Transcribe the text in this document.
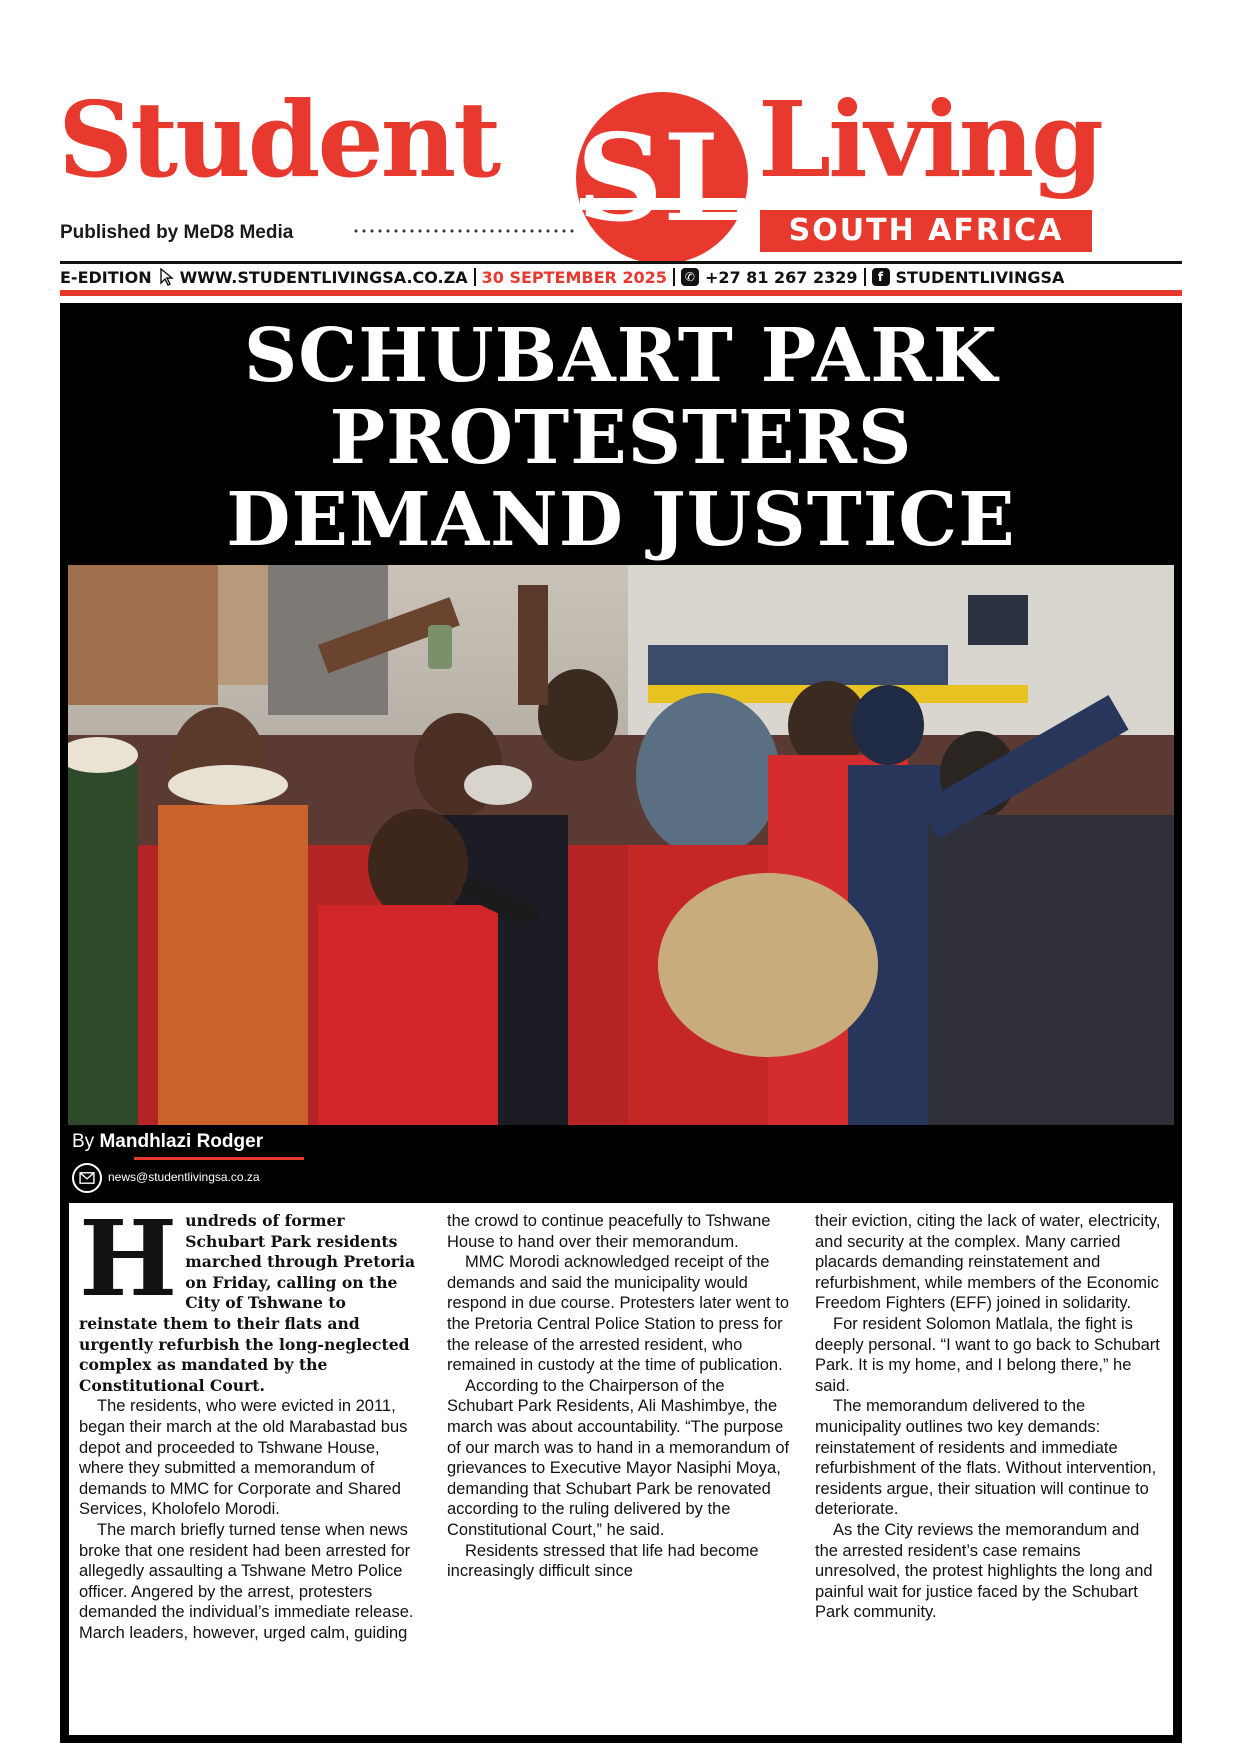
Student SL Living
Published by MeD8 Media	SOUTH AFRICA
E-EDITION WWW.STUDENTLIVINGSA.CO.ZA 30 SEPTEMBER 2025	✆ +27 81 267 2329	f STUDENTLIVINGSA
SCHUBART PARK
PROTESTERS
DEMAND JUSTICE
By Mandhlazi Rodger
news@studentlivingsa.co.za
H undreds of former Schubart Park residents marched through Pretoria on Friday, calling on the City of Tshwane to reinstate them to their flats and urgently refurbish the long-neglected complex as mandated by the Constitutional Court.

The residents, who were evicted in 2011, began their march at the old Marabastad bus depot and proceeded to Tshwane House, where they submitted a memorandum of demands to MMC for Corporate and Shared Services, Kholofelo Morodi.

The march briefly turned tense when news broke that one resident had been arrested for allegedly assaulting a Tshwane Metro Police officer. Angered by the arrest, protesters demanded the individual’s immediate release. March leaders, however, urged calm, guiding

the crowd to continue peacefully to Tshwane House to hand over their memorandum.

MMC Morodi acknowledged receipt of the demands and said the municipality would respond in due course. Protesters later went to the Pretoria Central Police Station to press for the release of the arrested resident, who remained in custody at the time of publication.

According to the Chairperson of the Schubart Park Residents, Ali Mashimbye, the march was about accountability. “The purpose of our march was to hand in a memorandum of grievances to Executive Mayor Nasiphi Moya, demanding that Schubart Park be renovated according to the ruling delivered by the Constitutional Court,” he said.

Residents stressed that life had become increasingly difficult since

their eviction, citing the lack of water, electricity, and security at the complex. Many carried placards demanding reinstatement and refurbishment, while members of the Economic Freedom Fighters (EFF) joined in solidarity.

For resident Solomon Matlala, the fight is deeply personal. “I want to go back to Schubart Park. It is my home, and I belong there,” he said.

The memorandum delivered to the municipality outlines two key demands: reinstatement of residents and immediate refurbishment of the flats. Without intervention, residents argue, their situation will continue to deteriorate.

As the City reviews the memorandum and the arrested resident’s case remains unresolved, the protest highlights the long and painful wait for justice faced by the Schubart Park community.
